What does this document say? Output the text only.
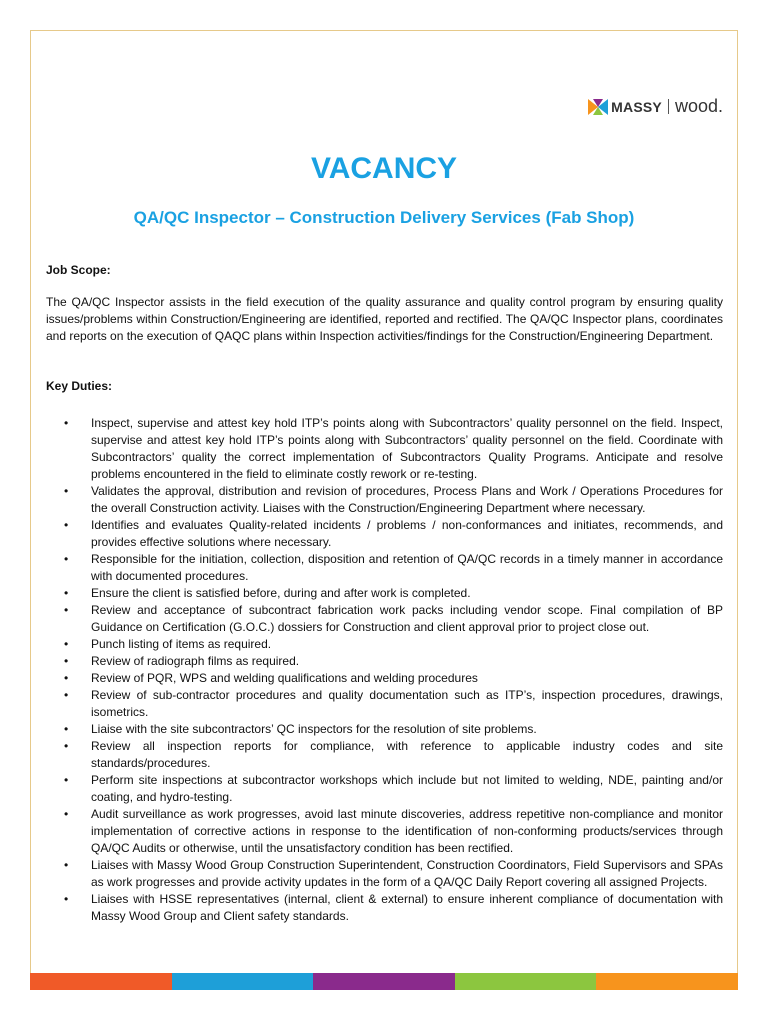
MASSY wood.
VACANCY
QA/QC Inspector – Construction Delivery Services (Fab Shop)

Job Scope:

The QA/QC Inspector assists in the field execution of the quality assurance and quality control program by ensuring quality issues/problems within Construction/Engineering are identified, reported and rectified. The QA/QC Inspector plans, coordinates and reports on the execution of QAQC plans within Inspection activities/findings for the Construction/Engineering Department.

Key Duties:

• Inspect, supervise and attest key hold ITP’s points along with Subcontractors’ quality personnel on the field. Inspect, supervise and attest key hold ITP’s points along with Subcontractors’ quality personnel on the field. Coordinate with Subcontractors’ quality the correct implementation of Subcontractors Quality Programs. Anticipate and resolve problems encountered in the field to eliminate costly rework or re-testing.
• Validates the approval, distribution and revision of procedures, Process Plans and Work / Operations Procedures for the overall Construction activity. Liaises with the Construction/Engineering Department where necessary.
• Identifies and evaluates Quality-related incidents / problems / non-conformances and initiates, recommends, and provides effective solutions where necessary.
• Responsible for the initiation, collection, disposition and retention of QA/QC records in a timely manner in accordance with documented procedures.
• Ensure the client is satisfied before, during and after work is completed.
• Review and acceptance of subcontract fabrication work packs including vendor scope. Final compilation of BP Guidance on Certification (G.O.C.) dossiers for Construction and client approval prior to project close out.
• Punch listing of items as required.
• Review of radiograph films as required.
• Review of PQR, WPS and welding qualifications and welding procedures
• Review of sub-contractor procedures and quality documentation such as ITP’s, inspection procedures, drawings, isometrics.
• Liaise with the site subcontractors’ QC inspectors for the resolution of site problems.
• Review all inspection reports for compliance, with reference to applicable industry codes and site standards/procedures.
• Perform site inspections at subcontractor workshops which include but not limited to welding, NDE, painting and/or coating, and hydro-testing.
• Audit surveillance as work progresses, avoid last minute discoveries, address repetitive non-compliance and monitor implementation of corrective actions in response to the identification of non-conforming products/services through QA/QC Audits or otherwise, until the unsatisfactory condition has been rectified.
• Liaises with Massy Wood Group Construction Superintendent, Construction Coordinators, Field Supervisors and SPAs as work progresses and provide activity updates in the form of a QA/QC Daily Report covering all assigned Projects.
• Liaises with HSSE representatives (internal, client & external) to ensure inherent compliance of documentation with Massy Wood Group and Client safety standards.
